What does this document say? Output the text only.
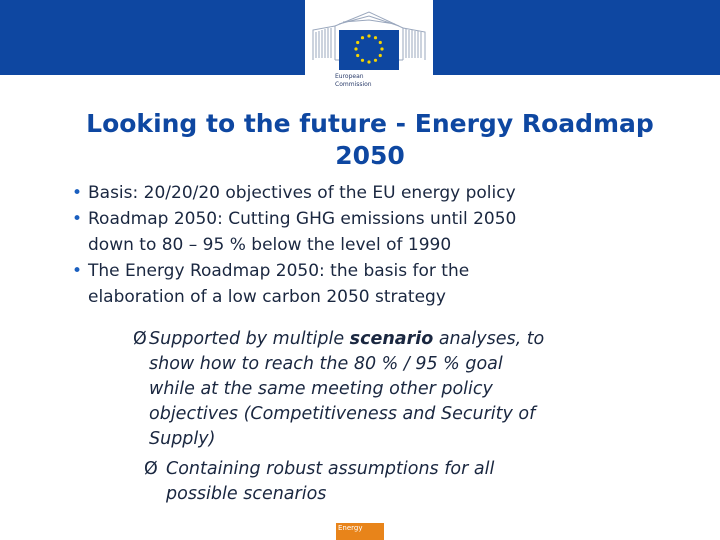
European
Commission
Looking to the future - Energy Roadmap
2050
• Basis: 20/20/20 objectives of the EU energy policy
• Roadmap 2050: Cutting GHG emissions until 2050
down to 80 – 95 % below the level of 1990
• The Energy Roadmap 2050: the basis for the
elaboration of a low carbon 2050 strategy
Ø Supported by multiple scenario analyses, to
show how to reach the 80 % / 95 % goal
while at the same meeting other policy
objectives (Competitiveness and Security of
Supply)
Ø Containing robust assumptions for all
possible scenarios
Energy
